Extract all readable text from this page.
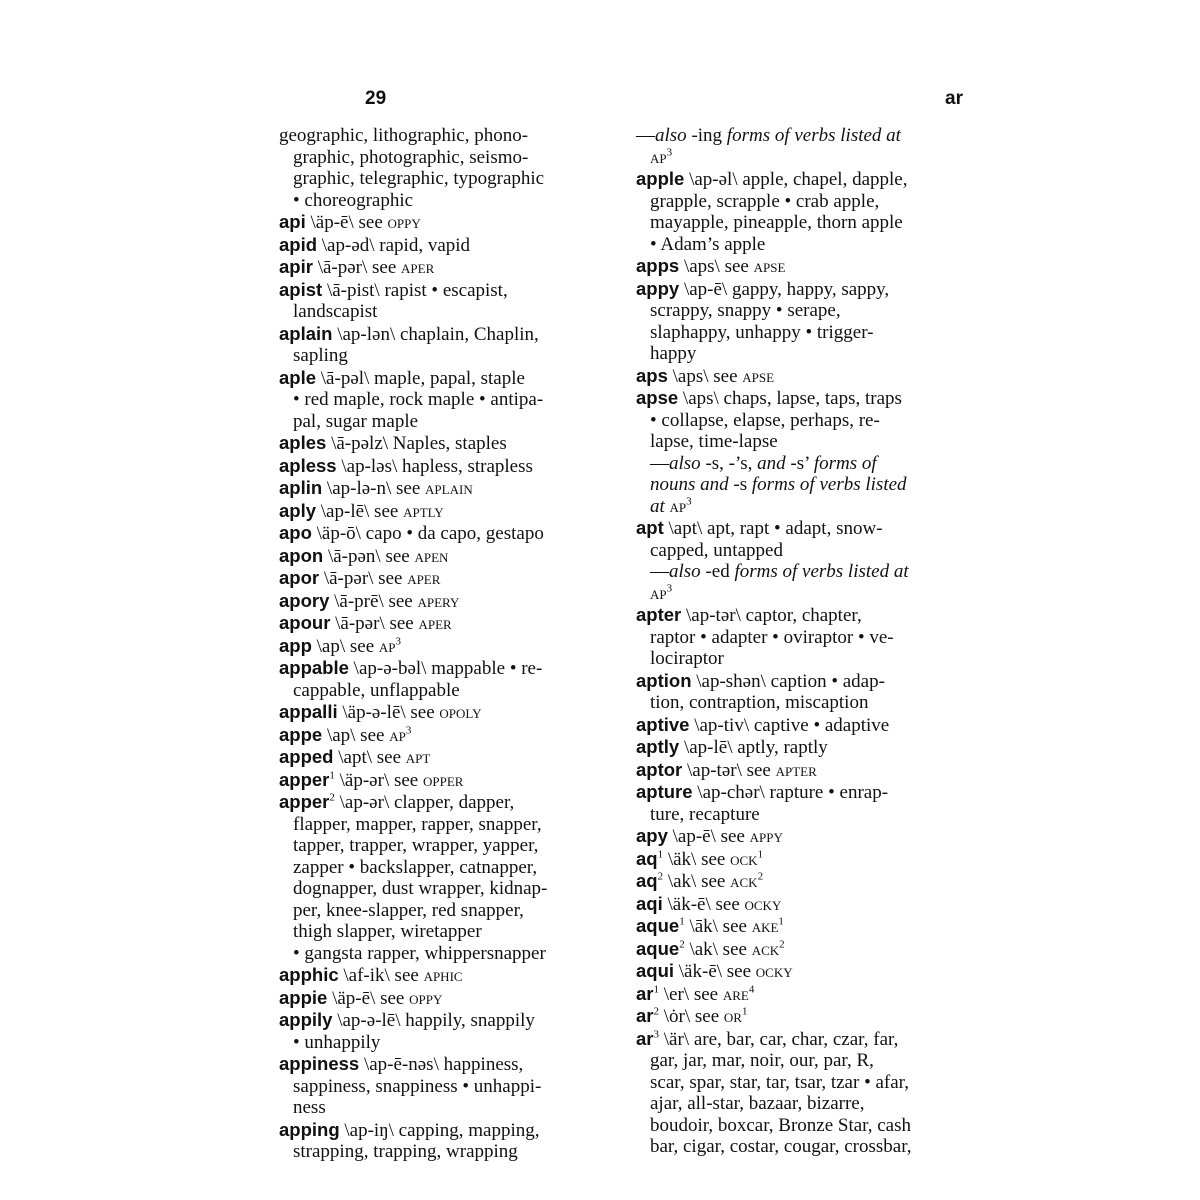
29	ar
geographic, lithographic, phono-
graphic, photographic, seismo-
graphic, telegraphic, typographic
• choreographic
api \äp-ē\ see oppy
apid \ap-əd\ rapid, vapid
apir \ā-pər\ see aper
apist \ā-pist\ rapist • escapist,
landscapist
aplain \ap-lən\ chaplain, Chaplin,
sapling
aple \ā-pəl\ maple, papal, staple
• red maple, rock maple • antipa-
pal, sugar maple
aples \ā-pəlz\ Naples, staples
apless \ap-ləs\ hapless, strapless
aplin \ap-lə-n\ see aplain
aply \ap-lē\ see aptly
apo \äp-ō\ capo • da capo, gestapo
apon \ā-pən\ see apen
apor \ā-pər\ see aper
apory \ā-prē\ see apery
apour \ā-pər\ see aper
app \ap\ see $ap^3$
appable \ap-ə-bəl\ mappable • re-
cappable, unflappable
appalli \äp-ə-lē\ see opoly
appe \ap\ see $ap^3$
apped \apt\ see apt
apper$^1$ \äp-ər\ see opper
apper$^2$ \ap-ər\ clapper, dapper,
flapper, mapper, rapper, snapper,
tapper, trapper, wrapper, yapper,
zapper • backslapper, catnapper,
dognapper, dust wrapper, kidnap-
per, knee-slapper, red snapper,
thigh slapper, wiretapper
• gangsta rapper, whippersnapper
apphic \af-ik\ see aphic
appie \äp-ē\ see oppy
appily \ap-ə-lē\ happily, snappily
• unhappily
appiness \ap-ē-nəs\ happiness,
sappiness, snappiness • unhappi-
ness
apping \ap-iŋ\ capping, mapping,
strapping, trapping, wrapping
—also -ing forms of verbs listed at
$ap^3$
apple \ap-əl\ apple, chapel, dapple,
grapple, scrapple • crab apple,
mayapple, pineapple, thorn apple
• Adam’s apple
apps \aps\ see apse
appy \ap-ē\ gappy, happy, sappy,
scrappy, snappy • serape,
slaphappy, unhappy • trigger-
happy
aps \aps\ see apse
apse \aps\ chaps, lapse, taps, traps
• collapse, elapse, perhaps, re-
lapse, time-lapse
—also -s, -’s, and -s’ forms of
nouns and -s forms of verbs listed
at $ap^3$
apt \apt\ apt, rapt • adapt, snow-
capped, untapped
—also -ed forms of verbs listed at
$ap^3$
apter \ap-tər\ captor, chapter,
raptor • adapter • oviraptor • ve-
lociraptor
aption \ap-shən\ caption • adap-
tion, contraption, miscaption
aptive \ap-tiv\ captive • adaptive
aptly \ap-lē\ aptly, raptly
aptor \ap-tər\ see apter
apture \ap-chər\ rapture • enrap-
ture, recapture
apy \ap-ē\ see appy
$aq^1$ \äk\ see ock$^1$
$aq^2$ \ak\ see ack$^2$
aqi \äk-ē\ see ocky
aque$^1$ \āk\ see ake$^1$
aque$^2$ \ak\ see ack$^2$
aqui \äk-ē\ see ocky
$ar^1$ \er\ see are$^4$
$ar^2$ \ȯr\ see $or^1$
$ar^3$ \är\ are, bar, car, char, czar, far,
gar, jar, mar, noir, our, par, R,
scar, spar, star, tar, tsar, tzar • afar,
ajar, all-star, bazaar, bizarre,
boudoir, boxcar, Bronze Star, cash
bar, cigar, costar, cougar, crossbar,
